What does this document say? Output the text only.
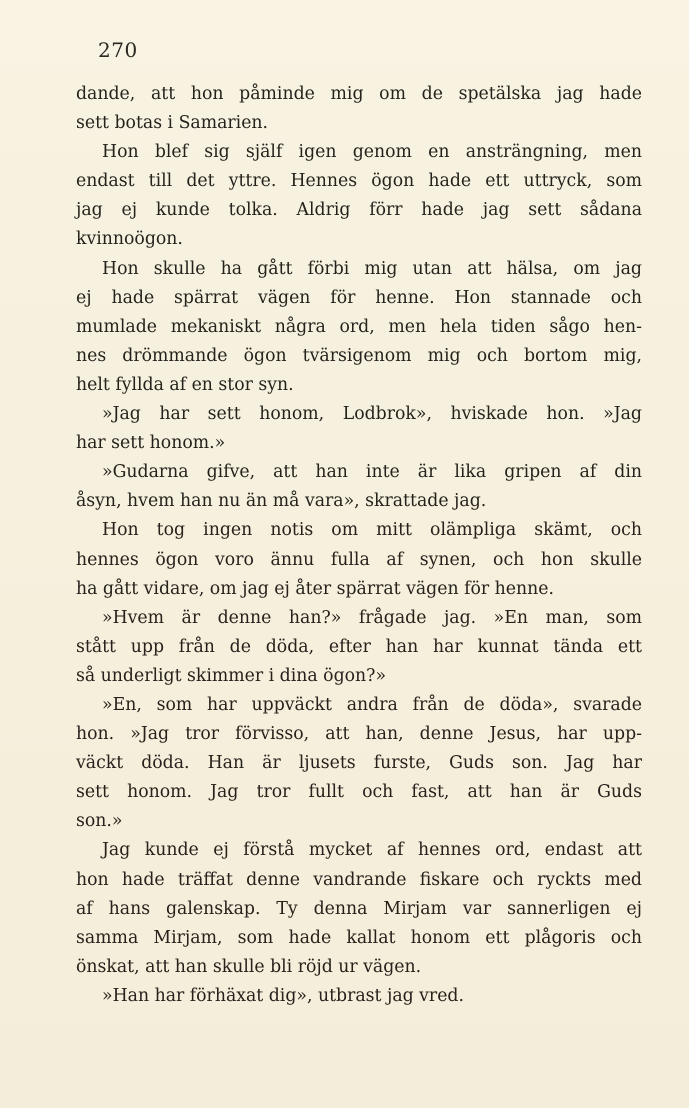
270
dande, att hon påminde mig om de spetälska jag hade
sett botas i Samarien.
Hon blef sig själf igen genom en ansträngning, men
endast till det yttre. Hennes ögon hade ett uttryck, som
jag ej kunde tolka. Aldrig förr hade jag sett sådana
kvinnoögon.
Hon skulle ha gått förbi mig utan att hälsa, om jag
ej hade spärrat vägen för henne. Hon stannade och
mumlade mekaniskt några ord, men hela tiden sågo hen-
nes drömmande ögon tvärsigenom mig och bortom mig,
helt fyllda af en stor syn.
»Jag har sett honom, Lodbrok», hviskade hon. »Jag
har sett honom.»
»Gudarna gifve, att han inte är lika gripen af din
åsyn, hvem han nu än må vara», skrattade jag.
Hon tog ingen notis om mitt olämpliga skämt, och
hennes ögon voro ännu fulla af synen, och hon skulle
ha gått vidare, om jag ej åter spärrat vägen för henne.
»Hvem är denne han?» frågade jag. »En man, som
stått upp från de döda, efter han har kunnat tända ett
så underligt skimmer i dina ögon?»
»En, som har uppväckt andra från de döda», svarade
hon. »Jag tror förvisso, att han, denne Jesus, har upp-
väckt döda. Han är ljusets furste, Guds son. Jag har
sett honom. Jag tror fullt och fast, att han är Guds
son.»
Jag kunde ej förstå mycket af hennes ord, endast att
hon hade träffat denne vandrande fiskare och ryckts med
af hans galenskap. Ty denna Mirjam var sannerligen ej
samma Mirjam, som hade kallat honom ett plågoris och
önskat, att han skulle bli röjd ur vägen.
»Han har förhäxat dig», utbrast jag vred.
